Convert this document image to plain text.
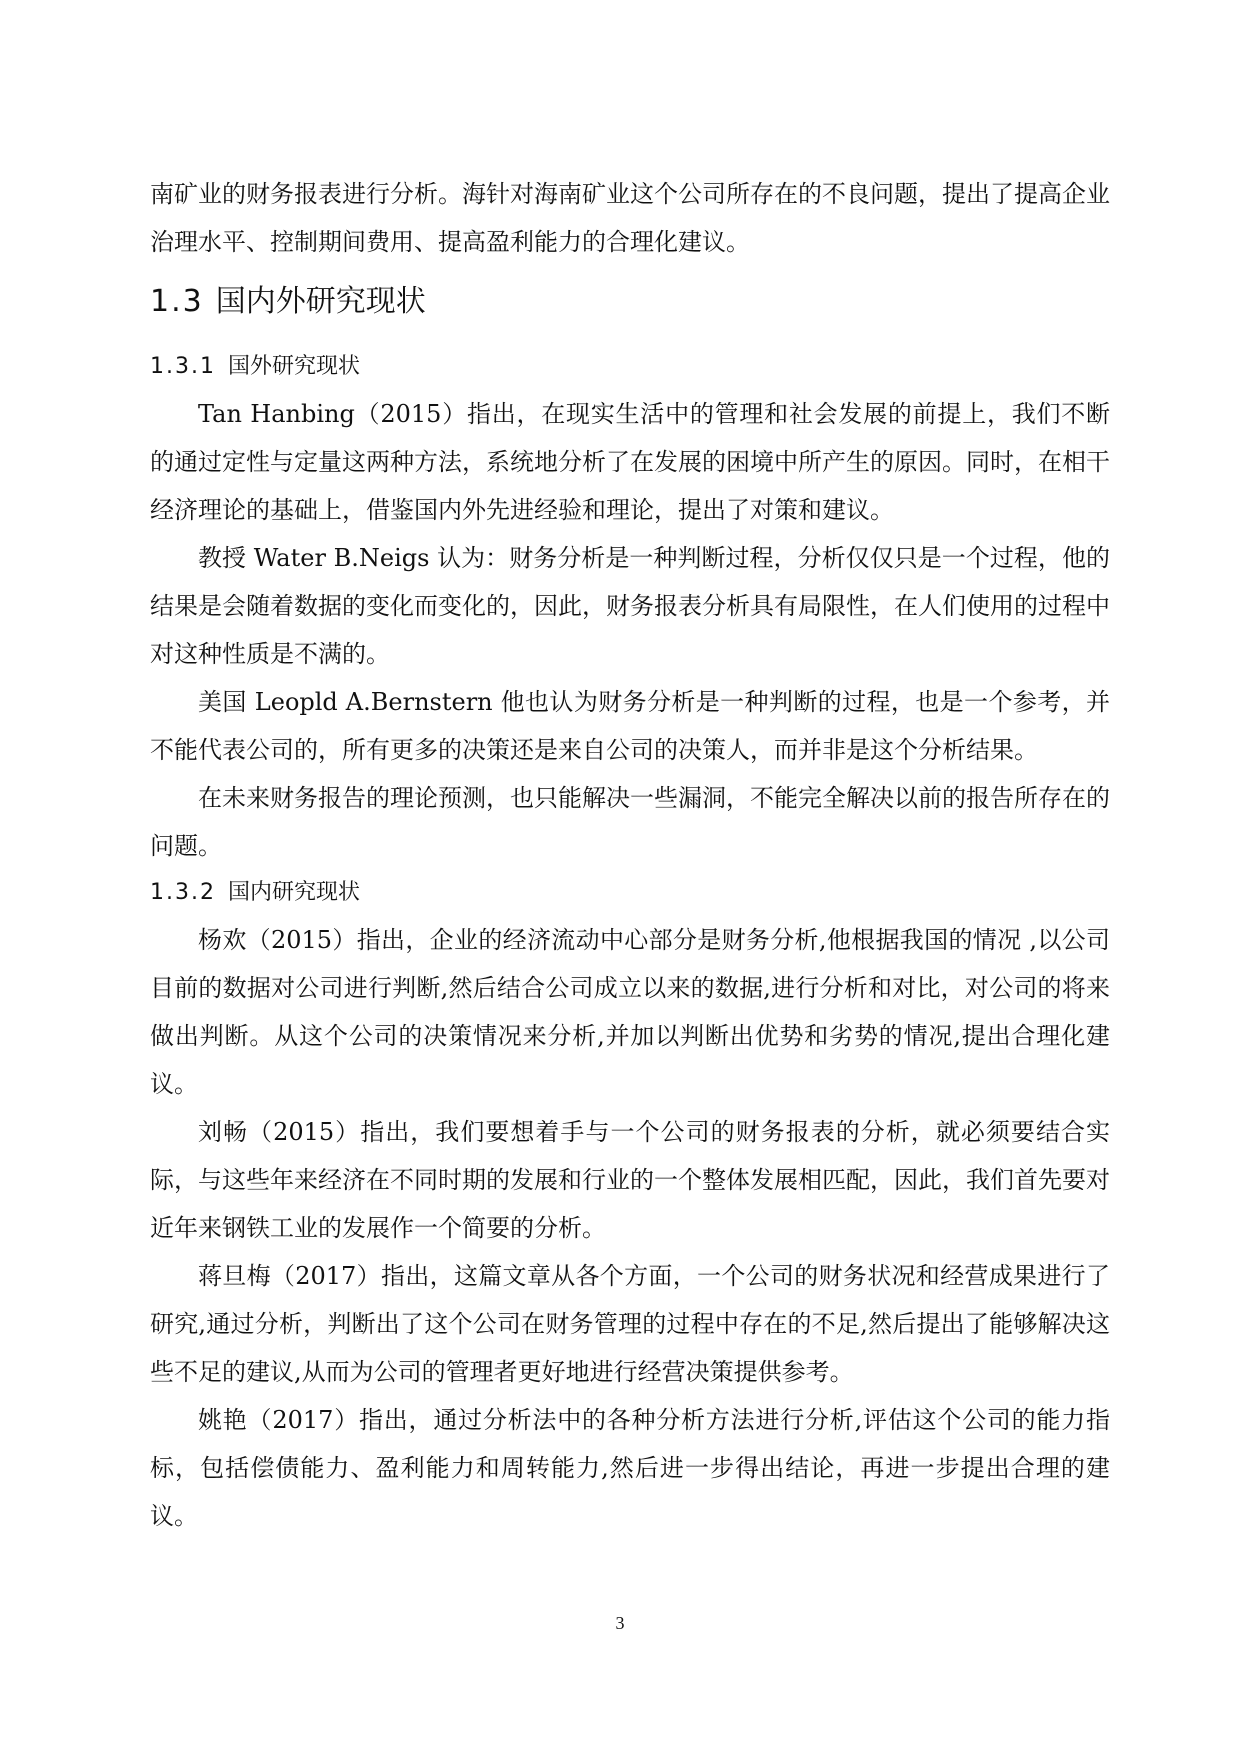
南矿业的财务报表进行分析。海针对海南矿业这个公司所存在的不良问题，提出了提高企业治理水平、控制期间费用、提高盈利能力的合理化建议。

1.3 国内外研究现状
1.3.1 国外研究现状

Tan Hanbing（2015）指出，在现实生活中的管理和社会发展的前提上，我们不断的通过定性与定量这两种方法，系统地分析了在发展的困境中所产生的原因。同时，在相干经济理论的基础上，借鉴国内外先进经验和理论，提出了对策和建议。

教授 Water B.Neigs 认为：财务分析是一种判断过程，分析仅仅只是一个过程，他的结果是会随着数据的变化而变化的，因此，财务报表分析具有局限性，在人们使用的过程中对这种性质是不满的。

美国 Leopld A.Bernstern 他也认为财务分析是一种判断的过程，也是一个参考，并不能代表公司的，所有更多的决策还是来自公司的决策人，而并非是这个分析结果。

在未来财务报告的理论预测，也只能解决一些漏洞，不能完全解决以前的报告所存在的问题。

1.3.2 国内研究现状

杨欢（2015）指出，企业的经济流动中心部分是财务分析,他根据我国的情况 ,以公司目前的数据对公司进行判断,然后结合公司成立以来的数据,进行分析和对比，对公司的将来做出判断。从这个公司的决策情况来分析,并加以判断出优势和劣势的情况,提出合理化建议。

刘畅（2015）指出，我们要想着手与一个公司的财务报表的分析，就必须要结合实际，与这些年来经济在不同时期的发展和行业的一个整体发展相匹配，因此，我们首先要对近年来钢铁工业的发展作一个简要的分析。

蒋旦梅（2017）指出，这篇文章从各个方面，一个公司的财务状况和经营成果进行了研究,通过分析，判断出了这个公司在财务管理的过程中存在的不足,然后提出了能够解决这些不足的建议,从而为公司的管理者更好地进行经营决策提供参考。

姚艳（2017）指出，通过分析法中的各种分析方法进行分析,评估这个公司的能力指标，包括偿债能力、盈利能力和周转能力,然后进一步得出结论，再进一步提出合理的建议。

3
